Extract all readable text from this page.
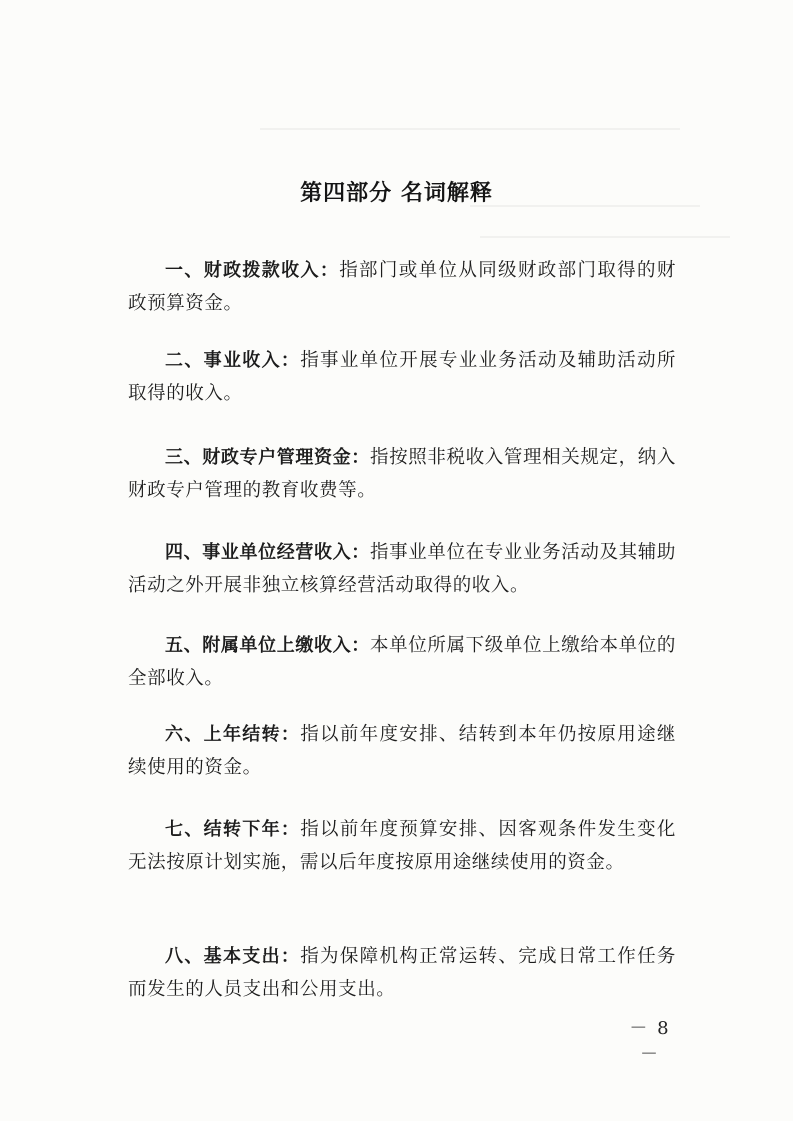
第四部分 名词解释
一、财政拨款收入：指部门或单位从同级财政部门取得的财政预算资金。
二、事业收入：指事业单位开展专业业务活动及辅助活动所取得的收入。
三、财政专户管理资金：指按照非税收入管理相关规定，纳入财政专户管理的教育收费等。
四、事业单位经营收入：指事业单位在专业业务活动及其辅助活动之外开展非独立核算经营活动取得的收入。
五、附属单位上缴收入：本单位所属下级单位上缴给本单位的全部收入。
六、上年结转：指以前年度安排、结转到本年仍按原用途继续使用的资金。
七、结转下年：指以前年度预算安排、因客观条件发生变化无法按原计划实施，需以后年度按原用途继续使用的资金。
八、基本支出：指为保障机构正常运转、完成日常工作任务而发生的人员支出和公用支出。
－ 8 －
